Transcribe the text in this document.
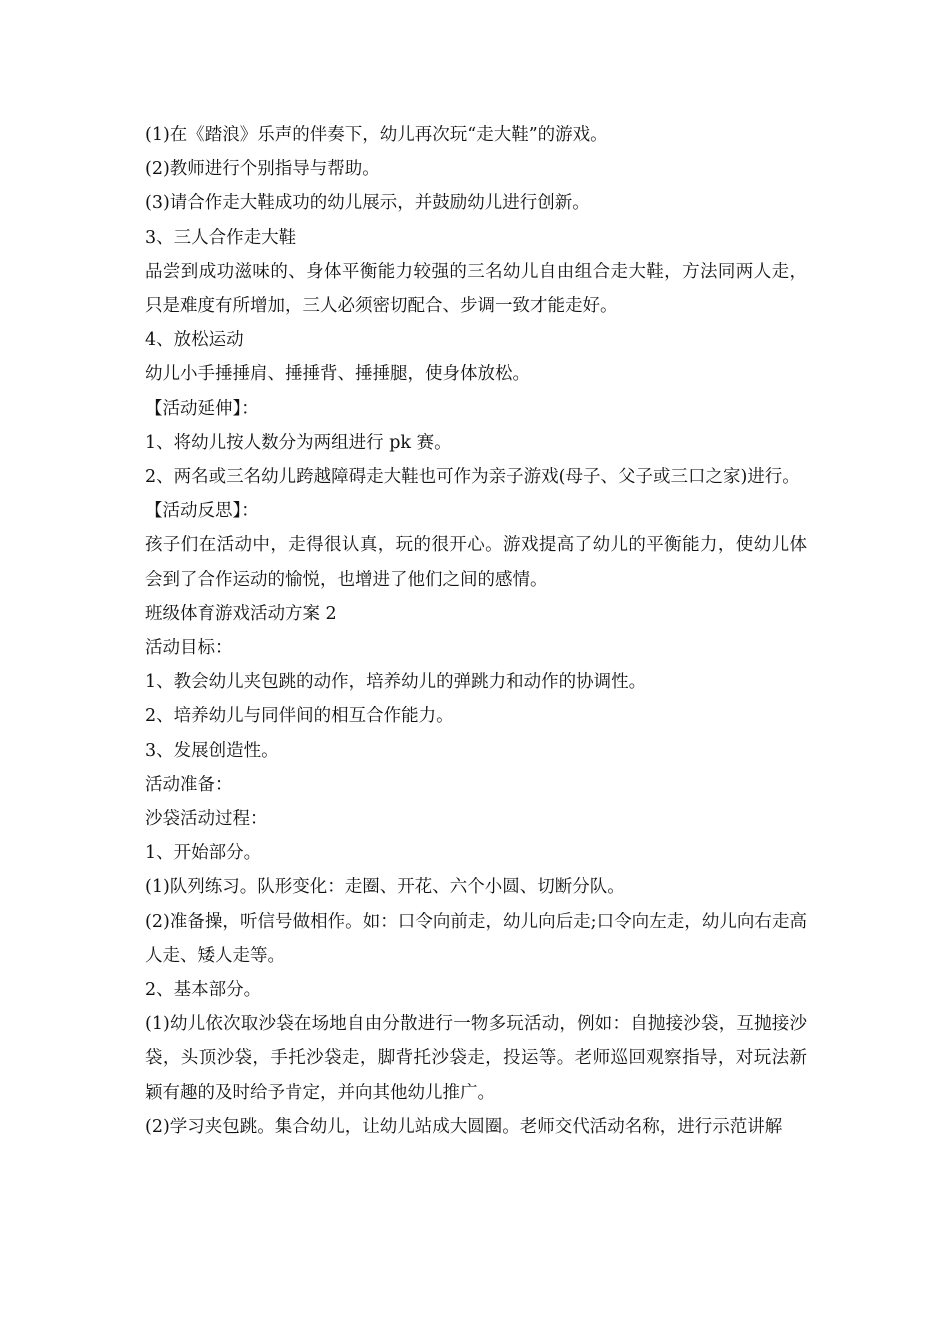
(1)在《踏浪》乐声的伴奏下，幼儿再次玩“走大鞋”的游戏。

(2)教师进行个别指导与帮助。

(3)请合作走大鞋成功的幼儿展示，并鼓励幼儿进行创新。

3、三人合作走大鞋

品尝到成功滋味的、身体平衡能力较强的三名幼儿自由组合走大鞋，方法同两人走，只是难度有所增加，三人必须密切配合、步调一致才能走好。

4、放松运动

幼儿小手捶捶肩、捶捶背、捶捶腿，使身体放松。

【活动延伸】：

1、将幼儿按人数分为两组进行 pk 赛。

2、两名或三名幼儿跨越障碍走大鞋也可作为亲子游戏(母子、父子或三口之家)进行。

【活动反思】：

孩子们在活动中，走得很认真，玩的很开心。游戏提高了幼儿的平衡能力，使幼儿体会到了合作运动的愉悦，也增进了他们之间的感情。

班级体育游戏活动方案 2

活动目标：

1、教会幼儿夹包跳的动作，培养幼儿的弹跳力和动作的协调性。

2、培养幼儿与同伴间的相互合作能力。

3、发展创造性。

活动准备：

沙袋活动过程：

1、开始部分。

(1)队列练习。队形变化：走圈、开花、六个小圆、切断分队。

(2)准备操，听信号做相作。如：口令向前走，幼儿向后走;口令向左走，幼儿向右走高人走、矮人走等。

2、基本部分。

(1)幼儿依次取沙袋在场地自由分散进行一物多玩活动，例如：自抛接沙袋，互抛接沙袋，头顶沙袋，手托沙袋走，脚背托沙袋走，投运等。老师巡回观察指导，对玩法新颖有趣的及时给予肯定，并向其他幼儿推广。

(2)学习夹包跳。集合幼儿，让幼儿站成大圆圈。老师交代活动名称，进行示范讲解
